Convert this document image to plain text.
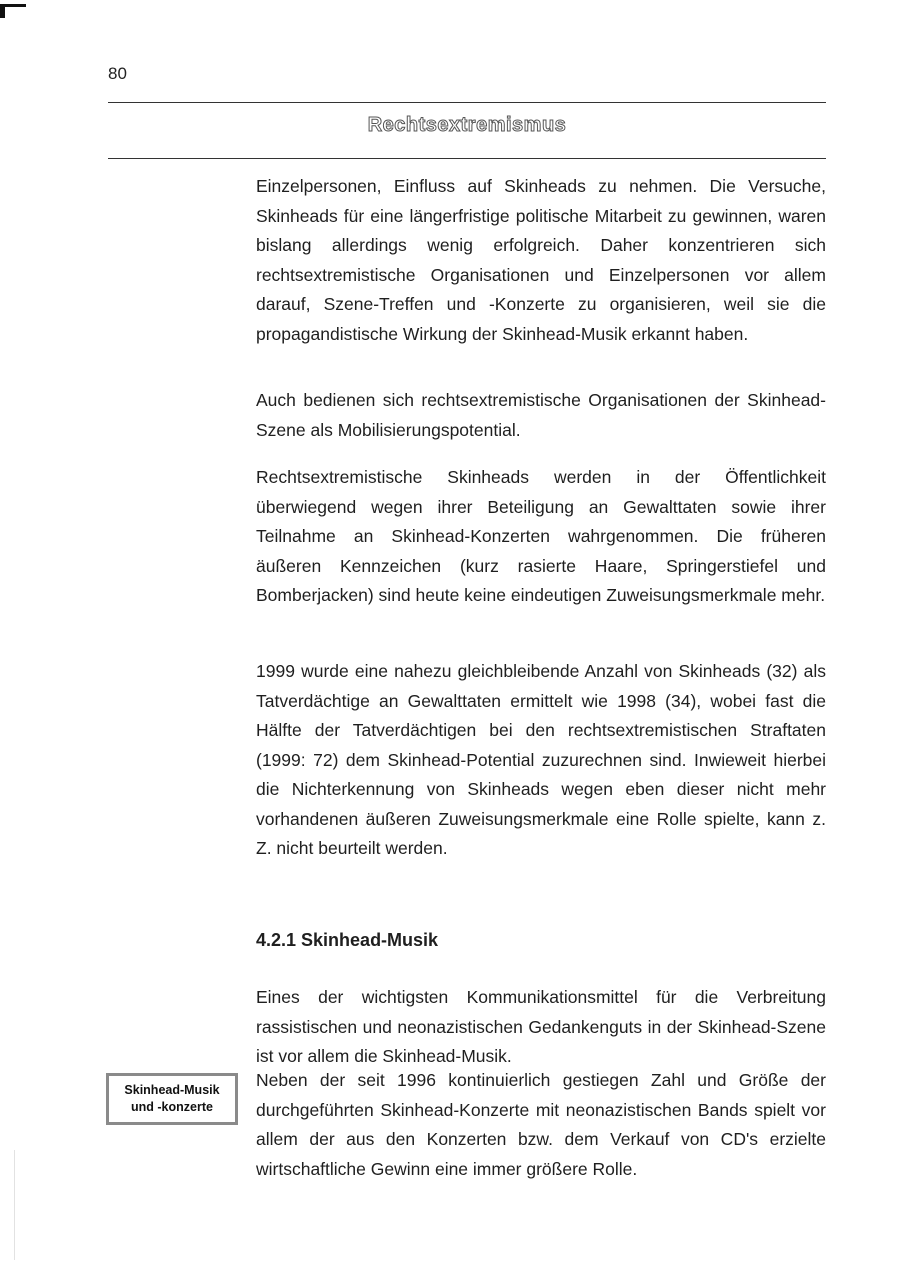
80
Rechtsextremismus

Einzelpersonen, Einfluss auf Skinheads zu nehmen. Die Versuche, Skinheads für eine längerfristige politische Mitarbeit zu gewinnen, waren bislang allerdings wenig erfolgreich. Daher konzentrieren sich rechtsextremistische Organisationen und Einzelpersonen vor allem darauf, Szene-Treffen und -Konzerte zu organisieren, weil sie die propagandistische Wirkung der Skinhead-Musik erkannt haben.

Auch bedienen sich rechtsextremistische Organisationen der Skinhead-Szene als Mobilisierungspotential.

Rechtsextremistische Skinheads werden in der Öffentlichkeit überwiegend wegen ihrer Beteiligung an Gewalttaten sowie ihrer Teilnahme an Skinhead-Konzerten wahrgenommen. Die früheren äußeren Kennzeichen (kurz rasierte Haare, Springerstiefel und Bomberjacken) sind heute keine eindeutigen Zuweisungsmerkmale mehr.

1999 wurde eine nahezu gleichbleibende Anzahl von Skinheads (32) als Tatverdächtige an Gewalttaten ermittelt wie 1998 (34), wobei fast die Hälfte der Tatverdächtigen bei den rechtsextremistischen Straftaten (1999: 72) dem Skinhead-Potential zuzurechnen sind. Inwieweit hierbei die Nichterkennung von Skinheads wegen eben dieser nicht mehr vorhandenen äußeren Zuweisungsmerkmale eine Rolle spielte, kann z. Z. nicht beurteilt werden.

4.2.1 Skinhead-Musik

Eines der wichtigsten Kommunikationsmittel für die Verbreitung rassistischen und neonazistischen Gedankenguts in der Skinhead-Szene ist vor allem die Skinhead-Musik.

Neben der seit 1996 kontinuierlich gestiegen Zahl und Größe der durchgeführten Skinhead-Konzerte mit neonazistischen Bands spielt vor allem der aus den Konzerten bzw. dem Verkauf von CD's erzielte wirtschaftliche Gewinn eine immer größere Rolle.

Skinhead-Musik
und -konzerte
